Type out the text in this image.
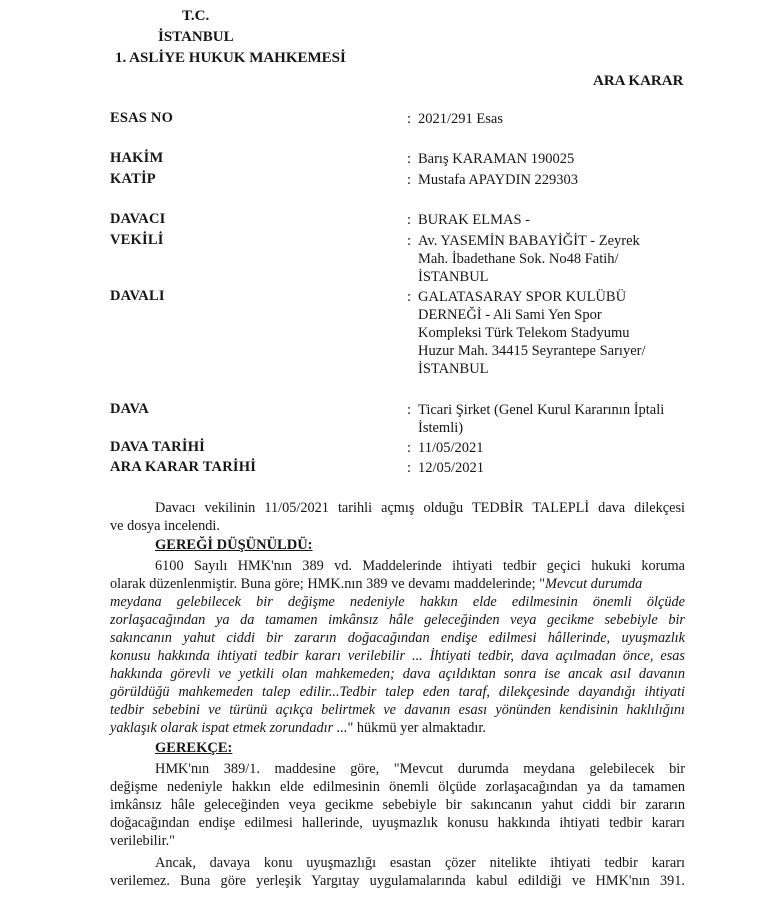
T.C.
İSTANBUL
1. ASLİYE HUKUK MAHKEMESİ
ARA KARAR
ESAS NO	: 2021/291 Esas
HAKİM	: Barış KARAMAN 190025
KATİP	: Mustafa APAYDIN 229303
DAVACI	: BURAK ELMAS -
VEKİLİ	: Av. YASEMİN BABAYİĞİT - Zeyrek
Mah. İbadethane Sok. No48 Fatih/
İSTANBUL
DAVALI	: GALATASARAY SPOR KULÜBÜ
DERNEĞİ - Ali Sami Yen Spor
Kompleksi Türk Telekom Stadyumu
Huzur Mah. 34415 Seyrantepe Sarıyer/
İSTANBUL
DAVA	: Ticari Şirket (Genel Kurul Kararının İptali
İstemli)
DAVA TARİHİ	: 11/05/2021
ARA KARAR TARİHİ	: 12/05/2021
Davacı vekilinin 11/05/2021 tarihli açmış olduğu TEDBİR TALEPLİ dava dilekçesi
ve dosya incelendi.
GEREĞİ DÜŞÜNÜLDÜ:
6100 Sayılı HMK'nın 389 vd. Maddelerinde ihtiyati tedbir geçici hukuki koruma
olarak düzenlenmiştir. Buna göre; HMK.nın 389 ve devamı maddelerinde; "Mevcut durumda
meydana gelebilecek bir değişme nedeniyle hakkın elde edilmesinin önemli ölçüde
zorlaşacağından ya da tamamen imkânsız hâle geleceğinden veya gecikme sebebiyle bir
sakıncanın yahut ciddi bir zararın doğacağından endişe edilmesi hâllerinde, uyuşmazlık
konusu hakkında ihtiyati tedbir kararı verilebilir ... İhtiyati tedbir, dava açılmadan önce, esas
hakkında görevli ve yetkili olan mahkemeden; dava açıldıktan sonra ise ancak asıl davanın
görüldüğü mahkemeden talep edilir...Tedbir talep eden taraf, dilekçesinde dayandığı ihtiyati
tedbir sebebini ve türünü açıkça belirtmek ve davanın esası yönünden kendisinin haklılığını
yaklaşık olarak ispat etmek zorundadır ..." hükmü yer almaktadır.
GEREKÇE:
HMK'nın 389/1. maddesine göre, "Mevcut durumda meydana gelebilecek bir
değişme nedeniyle hakkın elde edilmesinin önemli ölçüde zorlaşacağından ya da tamamen
imkânsız hâle geleceğinden veya gecikme sebebiyle bir sakıncanın yahut ciddi bir zararın
doğacağından endişe edilmesi hallerinde, uyuşmazlık konusu hakkında ihtiyati tedbir kararı
verilebilir."
Ancak, davaya konu uyuşmazlığı esastan çözer nitelikte ihtiyati tedbir kararı
verilemez. Buna göre yerleşik Yargıtay uygulamalarında kabul edildiği ve HMK'nın 391.
